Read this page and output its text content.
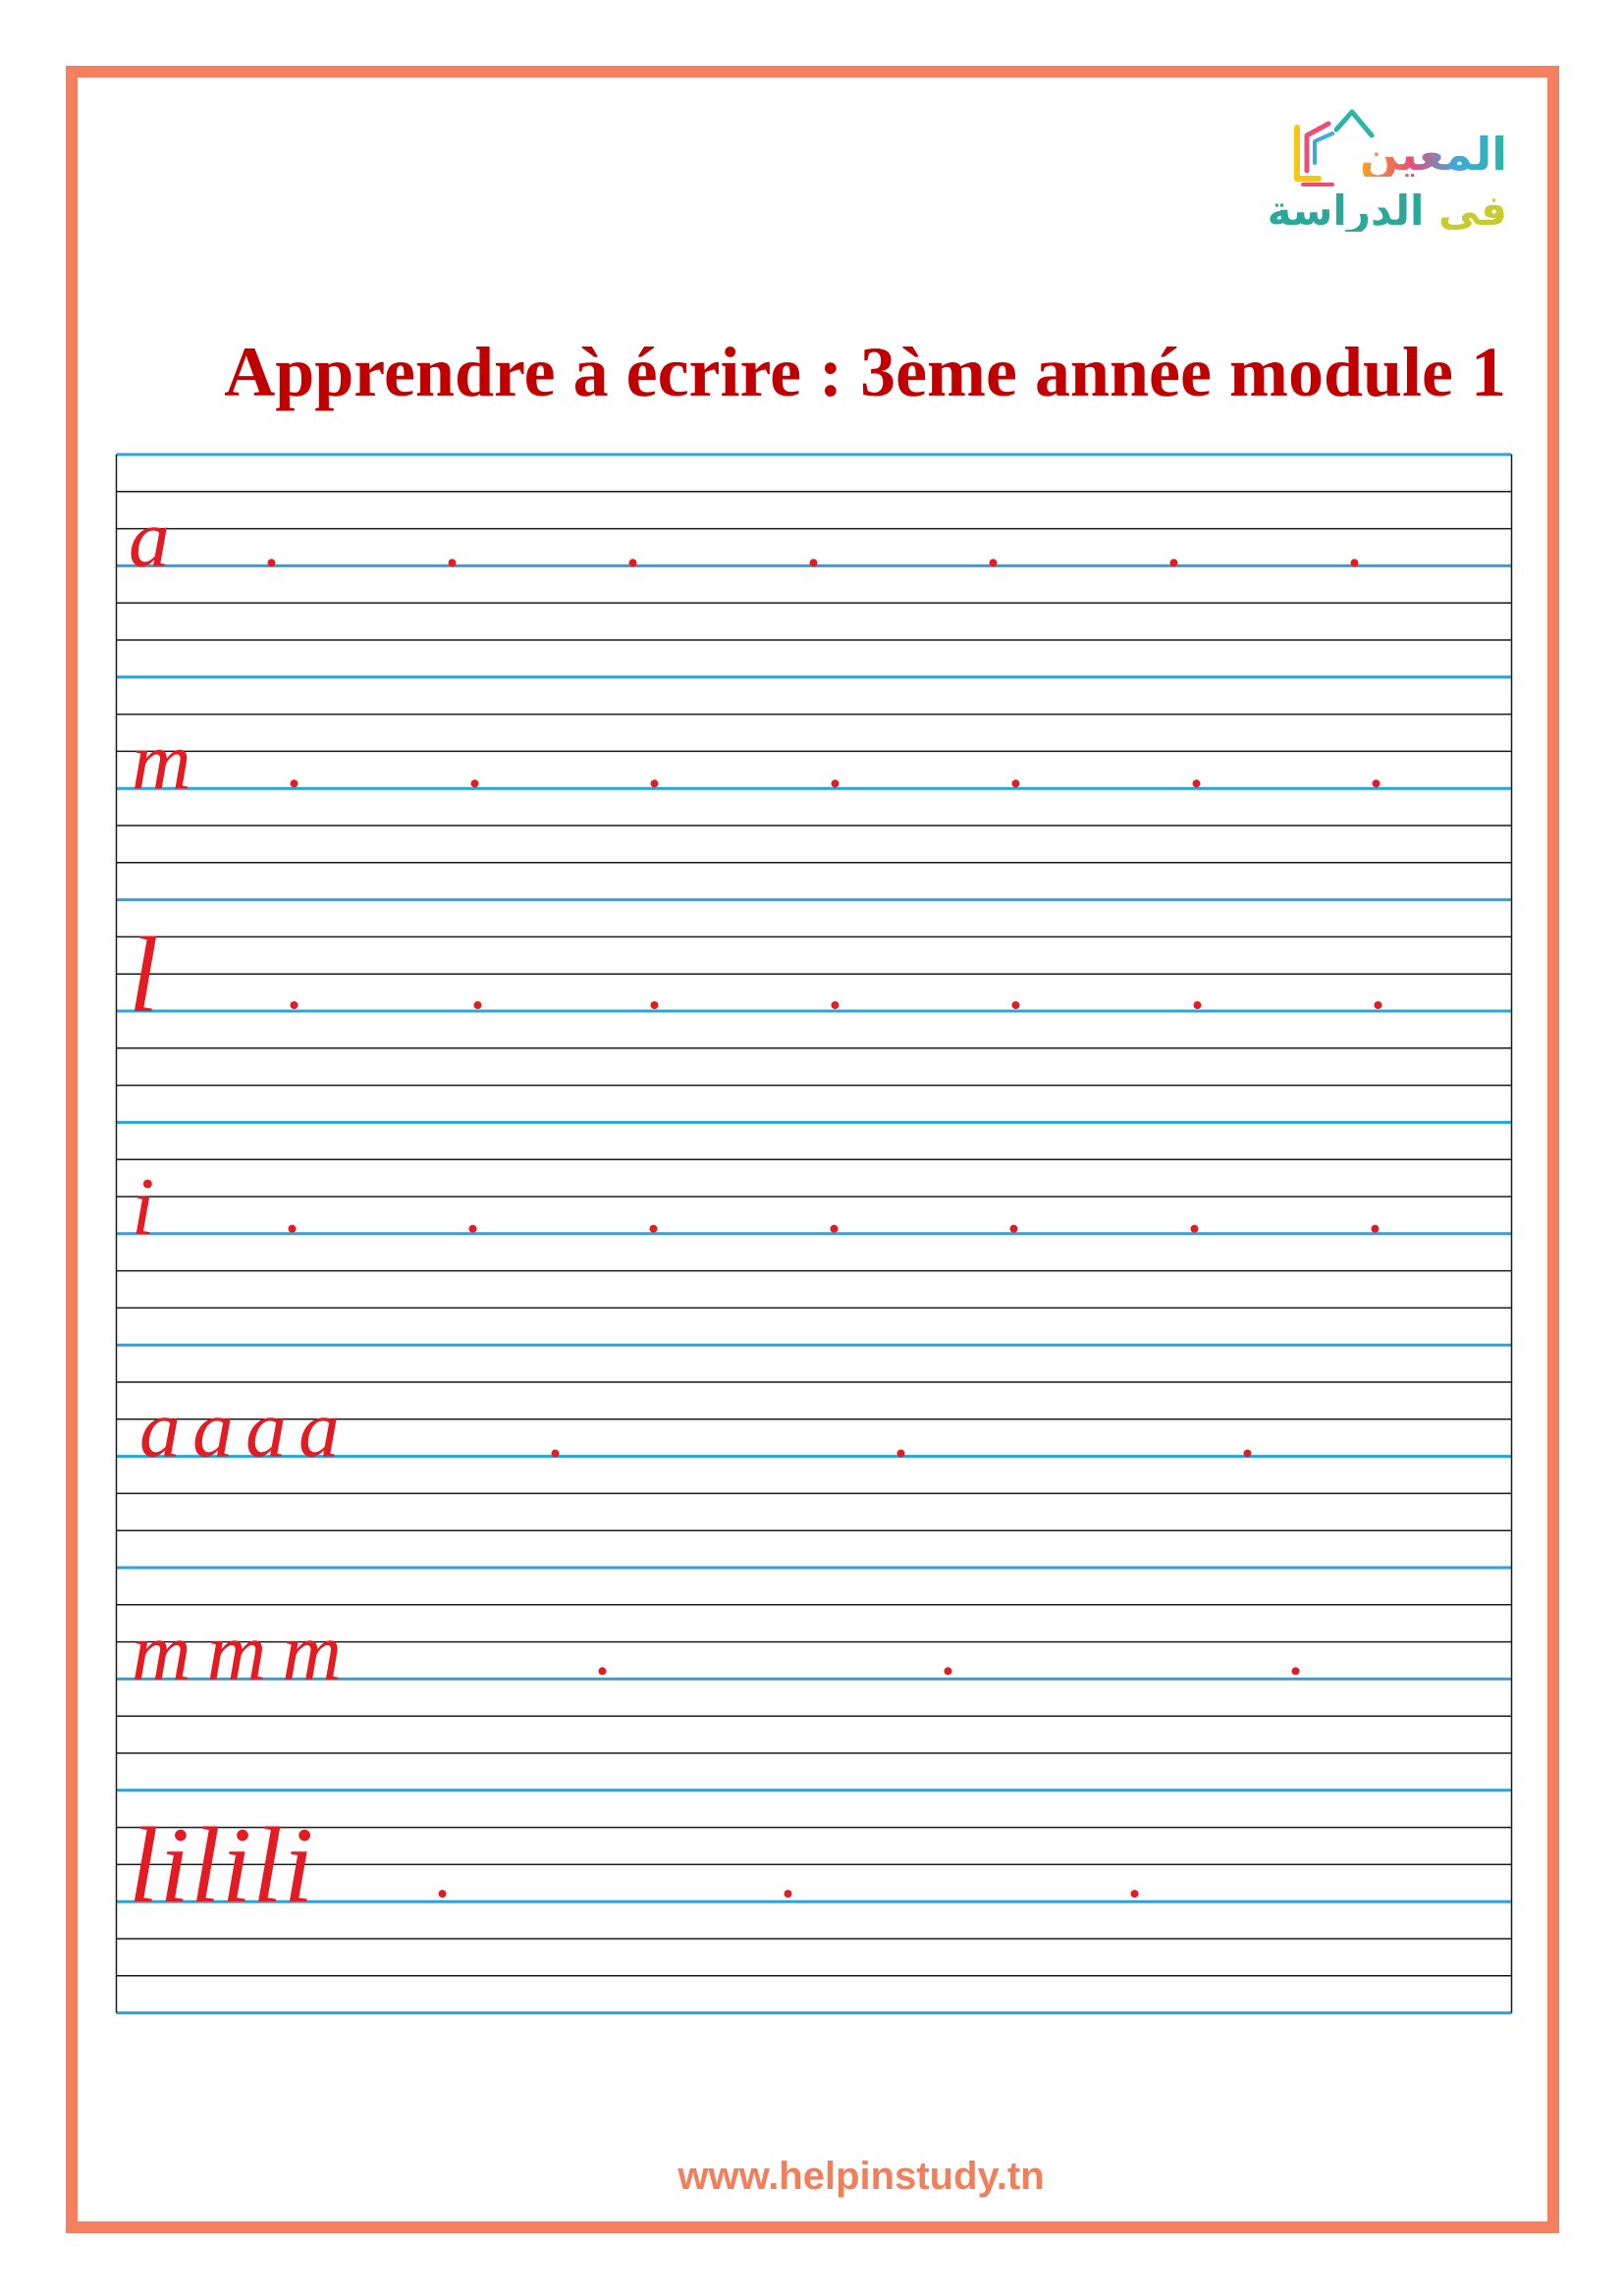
المعين
في الدراسة
Apprendre à écrire : 3ème année module 1
a
m
l
i
aaaa
mmm
lilili

www.helpinstudy.tn
